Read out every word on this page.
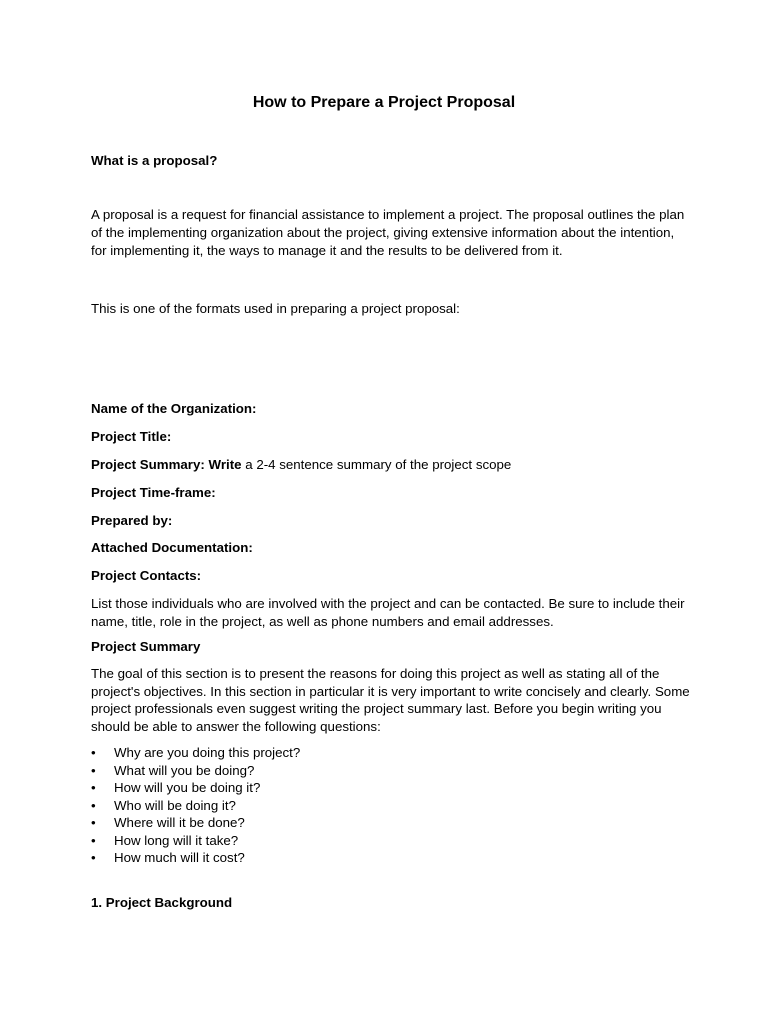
How to Prepare a Project Proposal

What is a proposal?

A proposal is a request for financial assistance to implement a project. The proposal outlines the plan of the implementing organization about the project, giving extensive information about the intention, for implementing it, the ways to manage it and the results to be delivered from it.

This is one of the formats used in preparing a project proposal:

Name of the Organization:

Project Title:

Project Summary: Write a 2-4 sentence summary of the project scope

Project Time-frame:

Prepared by:

Attached Documentation:

Project Contacts:

List those individuals who are involved with the project and can be contacted. Be sure to include their name, title, role in the project, as well as phone numbers and email addresses.

Project Summary

The goal of this section is to present the reasons for doing this project as well as stating all of the project's objectives. In this section in particular it is very important to write concisely and clearly. Some project professionals even suggest writing the project summary last. Before you begin writing you should be able to answer the following questions:

• Why are you doing this project?
• What will you be doing?
• How will you be doing it?
• Who will be doing it?
• Where will it be done?
• How long will it take?
• How much will it cost?

1. Project Background
